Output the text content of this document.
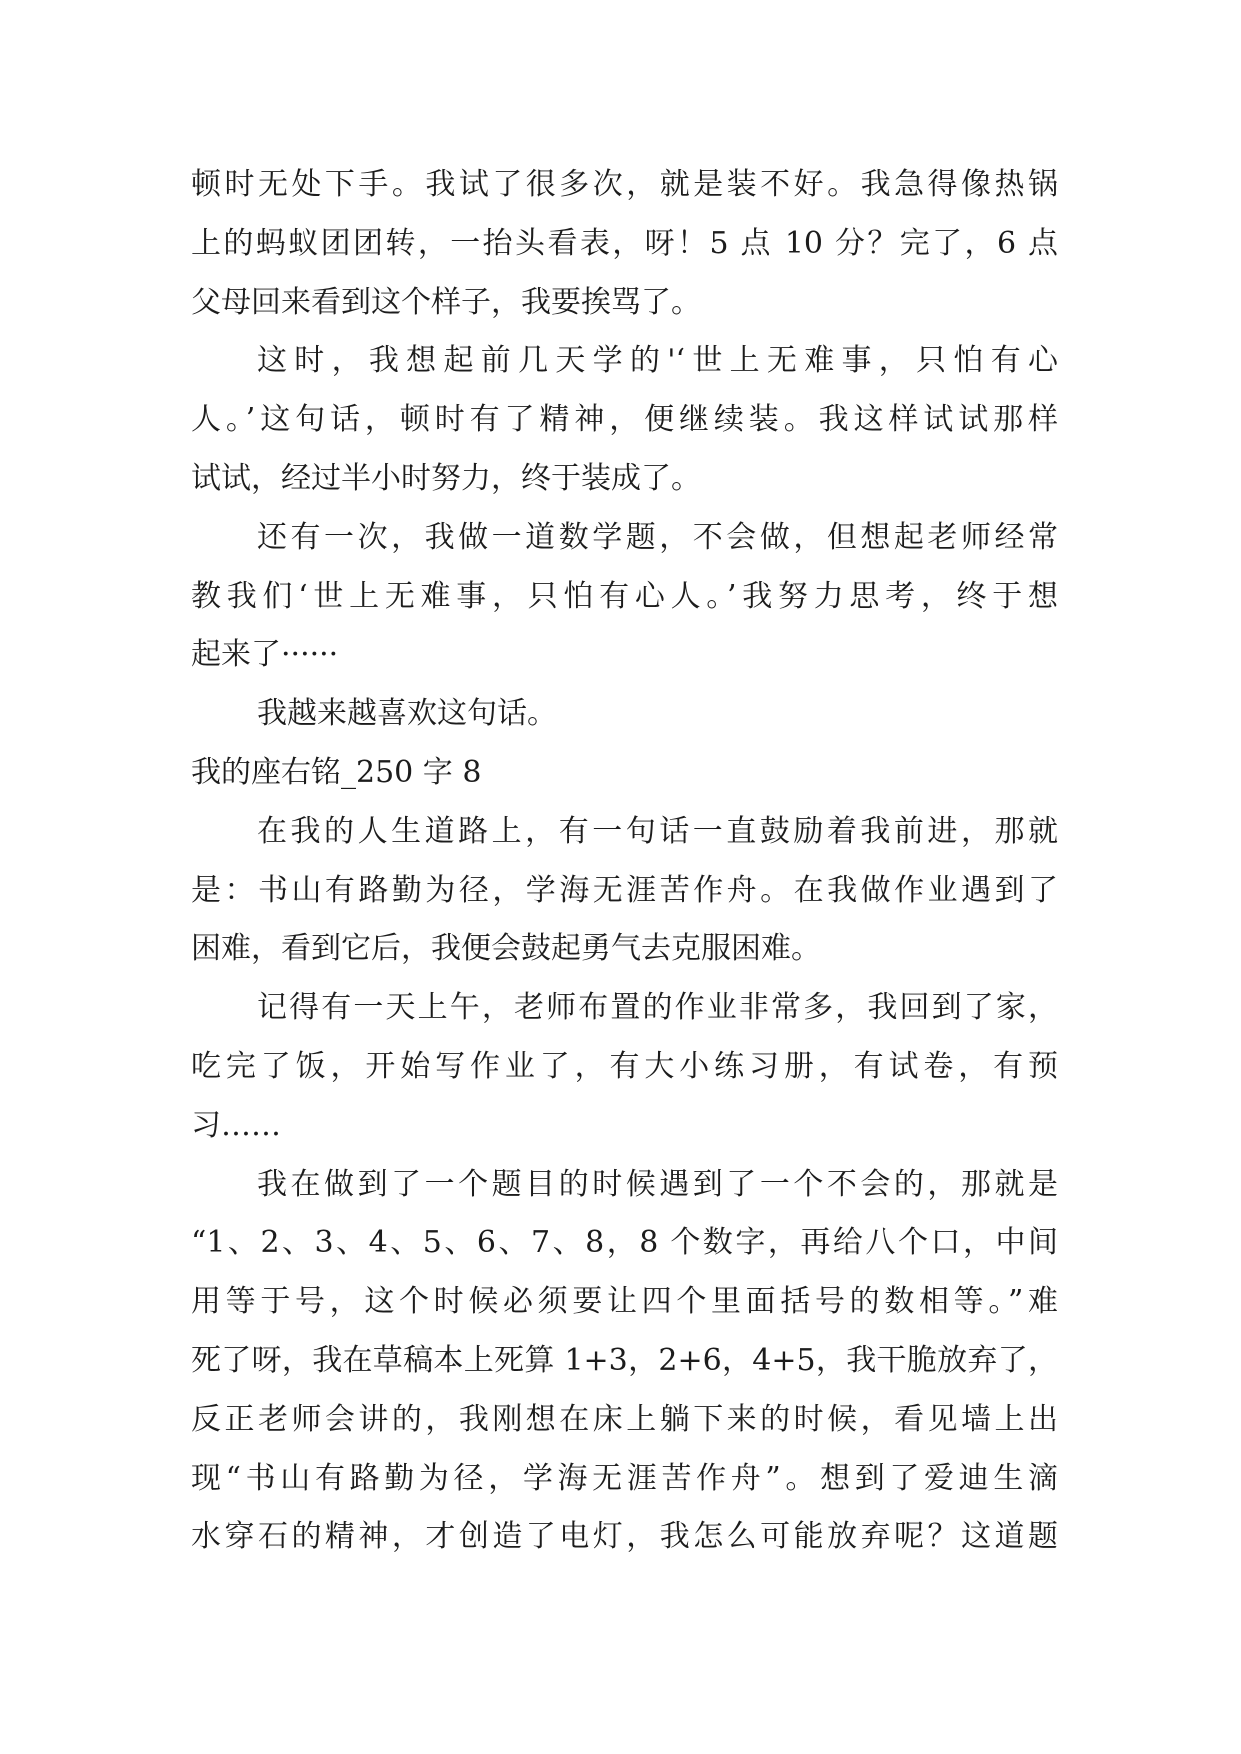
顿时无处下手。我试了很多次，就是装不好。我急得像热锅
上的蚂蚁团团转，一抬头看表，呀！5 点 10 分？完了，6 点
父母回来看到这个样子，我要挨骂了。
这时，我想起前几天学的'‘世上无难事，只怕有心
人。’这句话，顿时有了精神，便继续装。我这样试试那样
试试，经过半小时努力，终于装成了。
还有一次，我做一道数学题，不会做，但想起老师经常
教我们‘世上无难事，只怕有心人。’我努力思考，终于想
起来了······
我越来越喜欢这句话。
我的座右铭_250 字 8
在我的人生道路上，有一句话一直鼓励着我前进，那就
是：书山有路勤为径，学海无涯苦作舟。在我做作业遇到了
困难，看到它后，我便会鼓起勇气去克服困难。
记得有一天上午，老师布置的作业非常多，我回到了家，
吃完了饭，开始写作业了，有大小练习册，有试卷，有预
习……
我在做到了一个题目的时候遇到了一个不会的，那就是
“1、2、3、4、5、6、7、8，8 个数字，再给八个口，中间
用等于号，这个时候必须要让四个里面括号的数相等。”难
死了呀，我在草稿本上死算 1+3，2+6，4+5，我干脆放弃了，
反正老师会讲的，我刚想在床上躺下来的时候，看见墙上出
现“书山有路勤为径，学海无涯苦作舟”。想到了爱迪生滴
水穿石的精神，才创造了电灯，我怎么可能放弃呢？这道题
